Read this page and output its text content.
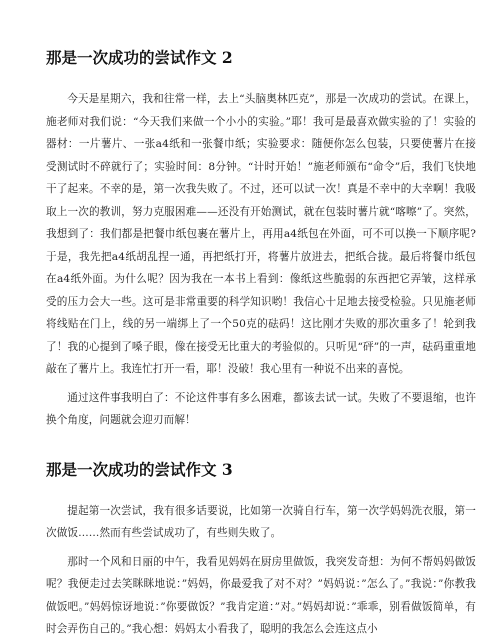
那是一次成功的尝试作文 2

今天是星期六，我和往常一样，去上“头脑奥林匹克”，那是一次成功的尝试。在课上，施老师对我们说：“今天我们来做一个小小的实验。”耶！我可是最喜欢做实验的了！实验的器材：一片薯片、一张a4纸和一张餐巾纸；实验要求：随便你怎么包装，只要使薯片在接受测试时不碎就行了；实验时间：8分钟。“计时开始！”施老师颁布“命令”后，我们飞快地干了起来。不幸的是，第一次我失败了。不过，还可以试一次！真是不幸中的大幸啊！我吸取上一次的教训，努力克服困难——还没有开始测试，就在包装时薯片就“喀嚓”了。突然，我想到了：我们都是把餐巾纸包裹在薯片上，再用a4纸包在外面，可不可以换一下顺序呢?于是，我先把a4纸胡乱捏一通，再把纸打开，将薯片放进去，把纸合拢。最后将餐巾纸包在a4纸外面。为什么呢？因为我在一本书上看到：像纸这些脆弱的东西把它弄皱，这样承受的压力会大一些。这可是非常重要的科学知识哟！我信心十足地去接受检验。只见施老师将线贴在门上，线的另一端绑上了一个50克的砝码！这比刚才失败的那次重多了！轮到我了！我的心提到了嗓子眼，像在接受无比重大的考验似的。只听见“砰”的一声，砝码重重地敲在了薯片上。我连忙打开一看，耶！没破！我心里有一种说不出来的喜悦。

通过这件事我明白了：不论这件事有多么困难，都该去试一试。失败了不要退缩，也许换个角度，问题就会迎刃而解！

那是一次成功的尝试作文 3

提起第一次尝试，我有很多话要说，比如第一次骑自行车，第一次学妈妈洗衣服，第一次做饭……然而有些尝试成功了，有些则失败了。

那时一个风和日丽的中午，我看见妈妈在厨房里做饭，我突发奇想：为何不帮妈妈做饭呢？我便走过去笑眯眯地说：”妈妈，你最爱我了对不对？”妈妈说：”怎么了。”我说：”你教我做饭吧。”妈妈惊讶地说：”你要做饭？”我肯定道：”对。”妈妈却说：”乖乖，别看做饭简单，有时会弄伤自己的。”我心想：妈妈太小看我了，聪明的我怎么会连这点小
